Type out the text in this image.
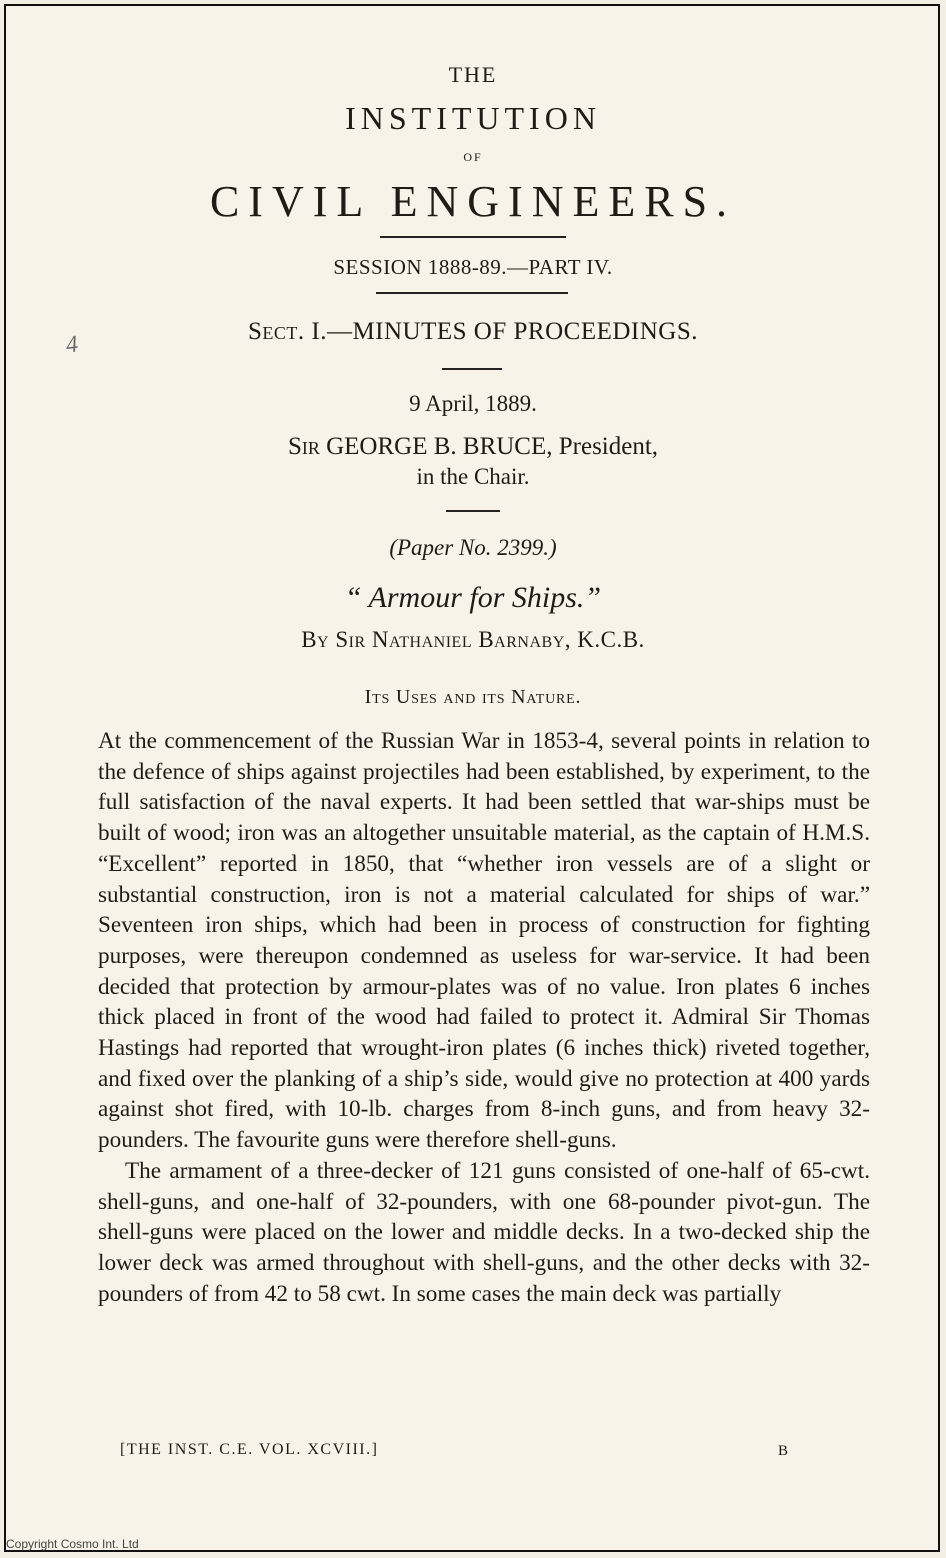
4
THE
INSTITUTION
OF
CIVIL ENGINEERS.
SESSION 1888-89.—PART IV.
Sect. I.—MINUTES OF PROCEEDINGS.
9 April, 1889.
Sir GEORGE B. BRUCE, President,
in the Chair.
(Paper No. 2399.)
“ Armour for Ships.”
By Sir Nathaniel Barnaby, K.C.B.
Its Uses and its Nature.

At the commencement of the Russian War in 1853-4, several points in relation to the defence of ships against projectiles had been established, by experiment, to the full satisfaction of the naval experts. It had been settled that war-ships must be built of wood; iron was an altogether unsuitable material, as the captain of H.M.S. “Excellent” reported in 1850, that “whether iron vessels are of a slight or substantial construction, iron is not a material calculated for ships of war.” Seventeen iron ships, which had been in process of construction for fighting purposes, were thereupon condemned as useless for war-service. It had been decided that protection by armour-plates was of no value. Iron plates 6 inches thick placed in front of the wood had failed to protect it. Admiral Sir Thomas Hastings had reported that wrought-iron plates (6 inches thick) riveted together, and fixed over the planking of a ship’s side, would give no protection at 400 yards against shot fired, with 10-lb. charges from 8-inch guns, and from heavy 32-pounders. The favourite guns were therefore shell-guns.

The armament of a three-decker of 121 guns consisted of one-half of 65-cwt. shell-guns, and one-half of 32-pounders, with one 68-pounder pivot-gun. The shell-guns were placed on the lower and middle decks. In a two-decked ship the lower deck was armed throughout with shell-guns, and the other decks with 32-pounders of from 42 to 58 cwt. In some cases the main deck was partially

[THE INST. C.E. VOL. XCVIII.]	B
Copyright Cosmo Int. Ltd
